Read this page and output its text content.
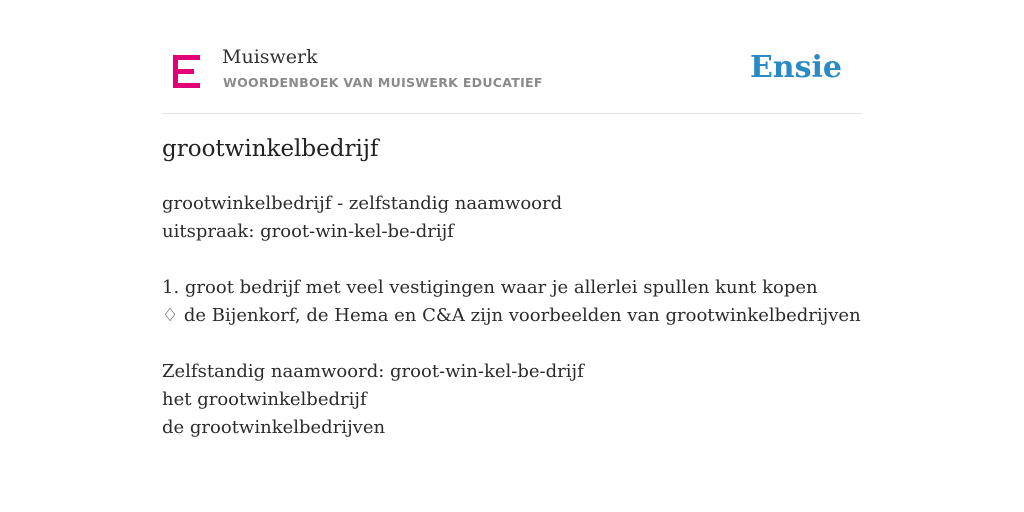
Muiswerk
WOORDENBOEK VAN MUISWERK EDUCATIEF	Ensie
grootwinkelbedrijf
grootwinkelbedrijf - zelfstandig naamwoord
uitspraak: groot-win-kel-be-drijf
1. groot bedrijf met veel vestigingen waar je allerlei spullen kunt kopen
♢ de Bijenkorf, de Hema en C&A zijn voorbeelden van grootwinkelbedrijven
Zelfstandig naamwoord: groot-win-kel-be-drijf
het grootwinkelbedrijf
de grootwinkelbedrijven
